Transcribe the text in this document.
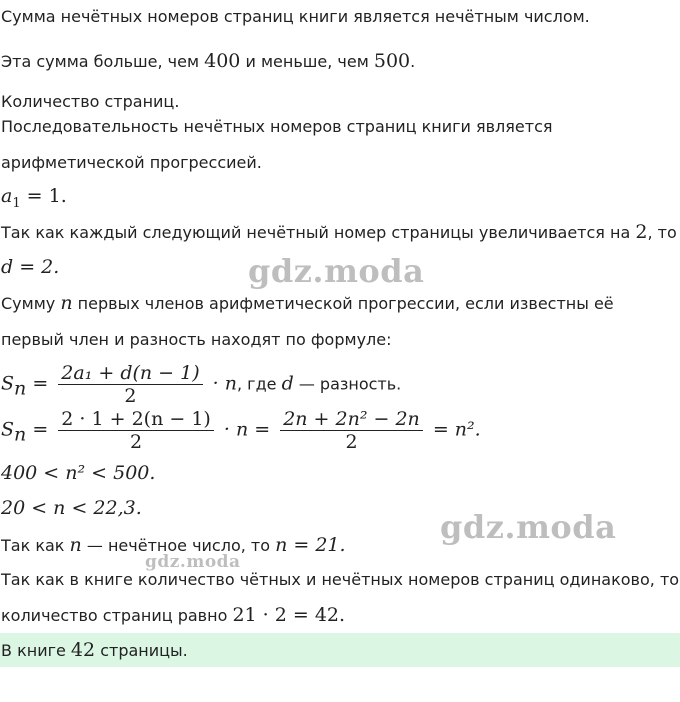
Сумма нечётных номеров страниц книги является нечётным числом.
Эта сумма больше, чем 400 и меньше, чем 500.
Количество страниц.
Последовательность нечётных номеров страниц книги является
арифметической прогрессией.
$a_1 = 1$.
Так как каждый следующий нечётный номер страницы увеличивается на 2, то
d = 2.
Сумму n первых членов арифметической прогрессии, если известны её
первый член и разность находят по формуле:
$S_n = \frac{\text{2a₁ + d(n − 1)}}{2} \cdot n$, где d — разность.
$S_n = \frac{2 \cdot 1 + 2(n - 1)}{2} \cdot n = \frac{\text{2n + 2n² − 2n}}{2} = n^2$.
400 < n² < 500.
20 < n < 22,3.
Так как n — нечётное число, то n = 21.
Так как в книге количество чётных и нечётных номеров страниц одинаково, то
количество страниц равно 21 · 2 = 42.
В книге 42 страницы.
gdz.moda
gdz.moda
gdz.moda
